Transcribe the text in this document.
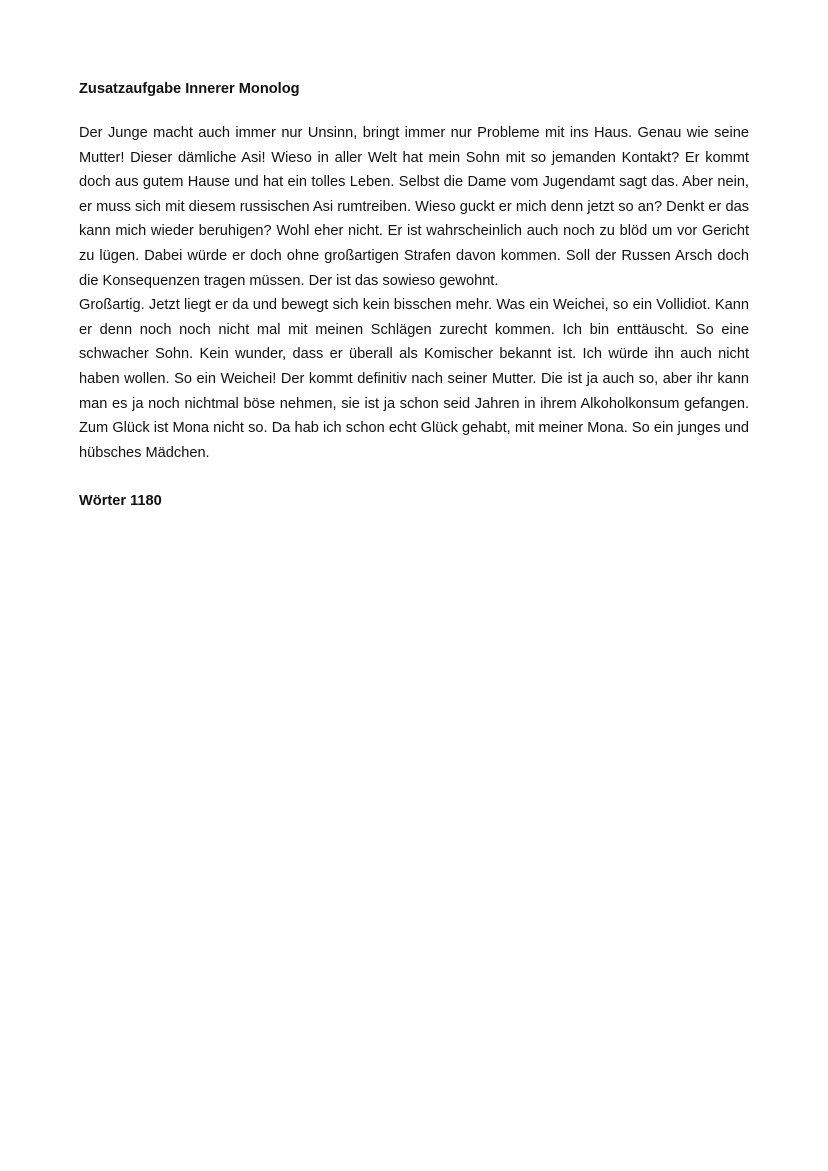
Zusatzaufgabe Innerer Monolog

Der Junge macht auch immer nur Unsinn, bringt immer nur Probleme mit ins Haus. Genau wie seine Mutter! Dieser dämliche Asi! Wieso in aller Welt hat mein Sohn mit so jemanden Kontakt? Er kommt doch aus gutem Hause und hat ein tolles Leben. Selbst die Dame vom Jugendamt sagt das. Aber nein, er muss sich mit diesem russischen Asi rumtreiben. Wieso guckt er mich denn jetzt so an? Denkt er das kann mich wieder beruhigen? Wohl eher nicht. Er ist wahrscheinlich auch noch zu blöd um vor Gericht zu lügen. Dabei würde er doch ohne großartigen Strafen davon kommen. Soll der Russen Arsch doch die Konsequenzen tragen müssen. Der ist das sowieso gewohnt.

Großartig. Jetzt liegt er da und bewegt sich kein bisschen mehr. Was ein Weichei, so ein Vollidiot. Kann er denn noch noch nicht mal mit meinen Schlägen zurecht kommen. Ich bin enttäuscht. So eine schwacher Sohn. Kein wunder, dass er überall als Komischer bekannt ist. Ich würde ihn auch nicht haben wollen. So ein Weichei! Der kommt definitiv nach seiner Mutter. Die ist ja auch so, aber ihr kann man es ja noch nichtmal böse nehmen, sie ist ja schon seid Jahren in ihrem Alkoholkonsum gefangen. Zum Glück ist Mona nicht so. Da hab ich schon echt Glück gehabt, mit meiner Mona. So ein junges und hübsches Mädchen.

Wörter 1180
